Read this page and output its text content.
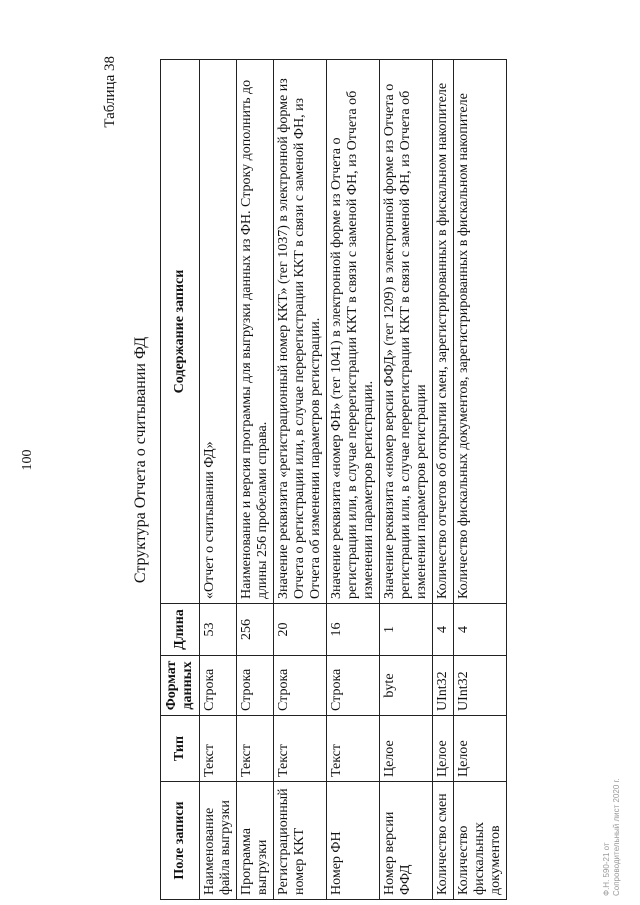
100
Таблица 38
Структура Отчета о считывании ФД
Поле записи	Тип	Формат данных	Длина	Содержание записи
Наименование файла выгрузки	Текст	Строка	53	«Отчет о считывании ФД»
Программа выгрузки	Текст	Строка	256	Наименование и версия программы для выгрузки данных из ФН. Строку дополнить до длины 256 пробелами справа.
Регистрационный номер ККТ	Текст	Строка	20	Значение реквизита «регистрационный номер ККТ» (тег 1037) в электронной форме из Отчета о регистрации или, в случае перерегистрации ККТ в связи с заменой ФН, из Отчета об изменении параметров регистрации.
Номер ФН	Текст	Строка	16	Значение реквизита «номер ФН» (тег 1041) в электронной форме из Отчета о регистрации или, в случае перерегистрации ККТ в связи с заменой ФН, из Отчета об изменении параметров регистрации.
Номер версии ФФД	Целое	byte	1	Значение реквизита «номер версии ФФД» (тег 1209) в электронной форме из Отчета о регистрации или, в случае перерегистрации ККТ в связи с заменой ФН, из Отчета об изменении параметров регистрации
Количество смен	Целое	UInt32	4	Количество отчетов об открытии смен, зарегистрированных в фискальном накопителе
Количество фискальных документов	Целое	UInt32	4	Количество фискальных документов, зарегистрированных в фискальном накопителе
Ф.Н. 590-21 от Сопроводительный лист 2020 г.
